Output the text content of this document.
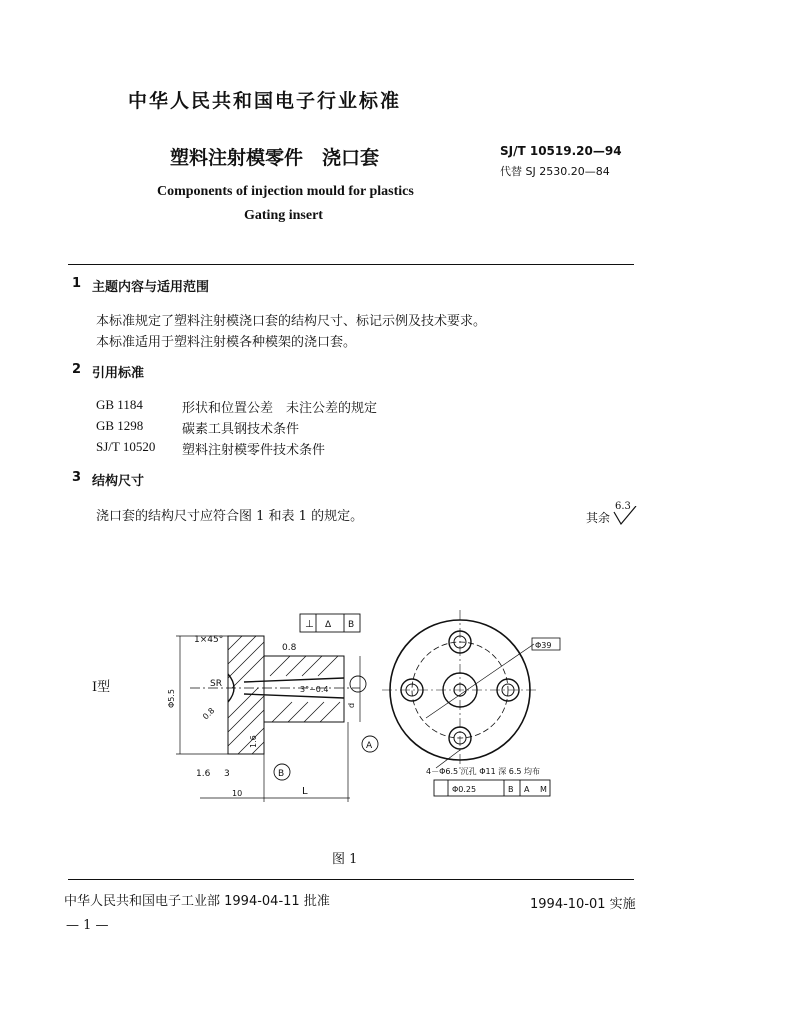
中华人民共和国电子行业标准
塑料注射模零件　浇口套	SJ/T 10519.20—94
代替 SJ 2530.20—84
Components of injection mould for plastics
Gating insert
1 主题内容与适用范围
本标准规定了塑料注射模浇口套的结构尺寸、标记示例及技术要求。
本标准适用于塑料注射模各种模架的浇口套。
2 引用标准
GB 1184	形状和位置公差　未注公差的规定
GB 1298	碳素工具钢技术条件
SJ/T 10520 塑料注射模零件技术条件
3 结构尺寸
浇口套的结构尺寸应符合图 1 和表 1 的规定。	其余
6.3
Ⅰ型
1×45°
⊥ Δ B
0.8
SR
Φ5.5	3°−0.4
0.8
d
A
B
1.6
1.6
3
10	L
Φ39
4－Φ6.5 沉孔 Φ11 深 6.5 均布
Φ0.25	B A M
图 1
中华人民共和国电子工业部 1994-04-11 批准	1994-10-01 实施
— 1 —
